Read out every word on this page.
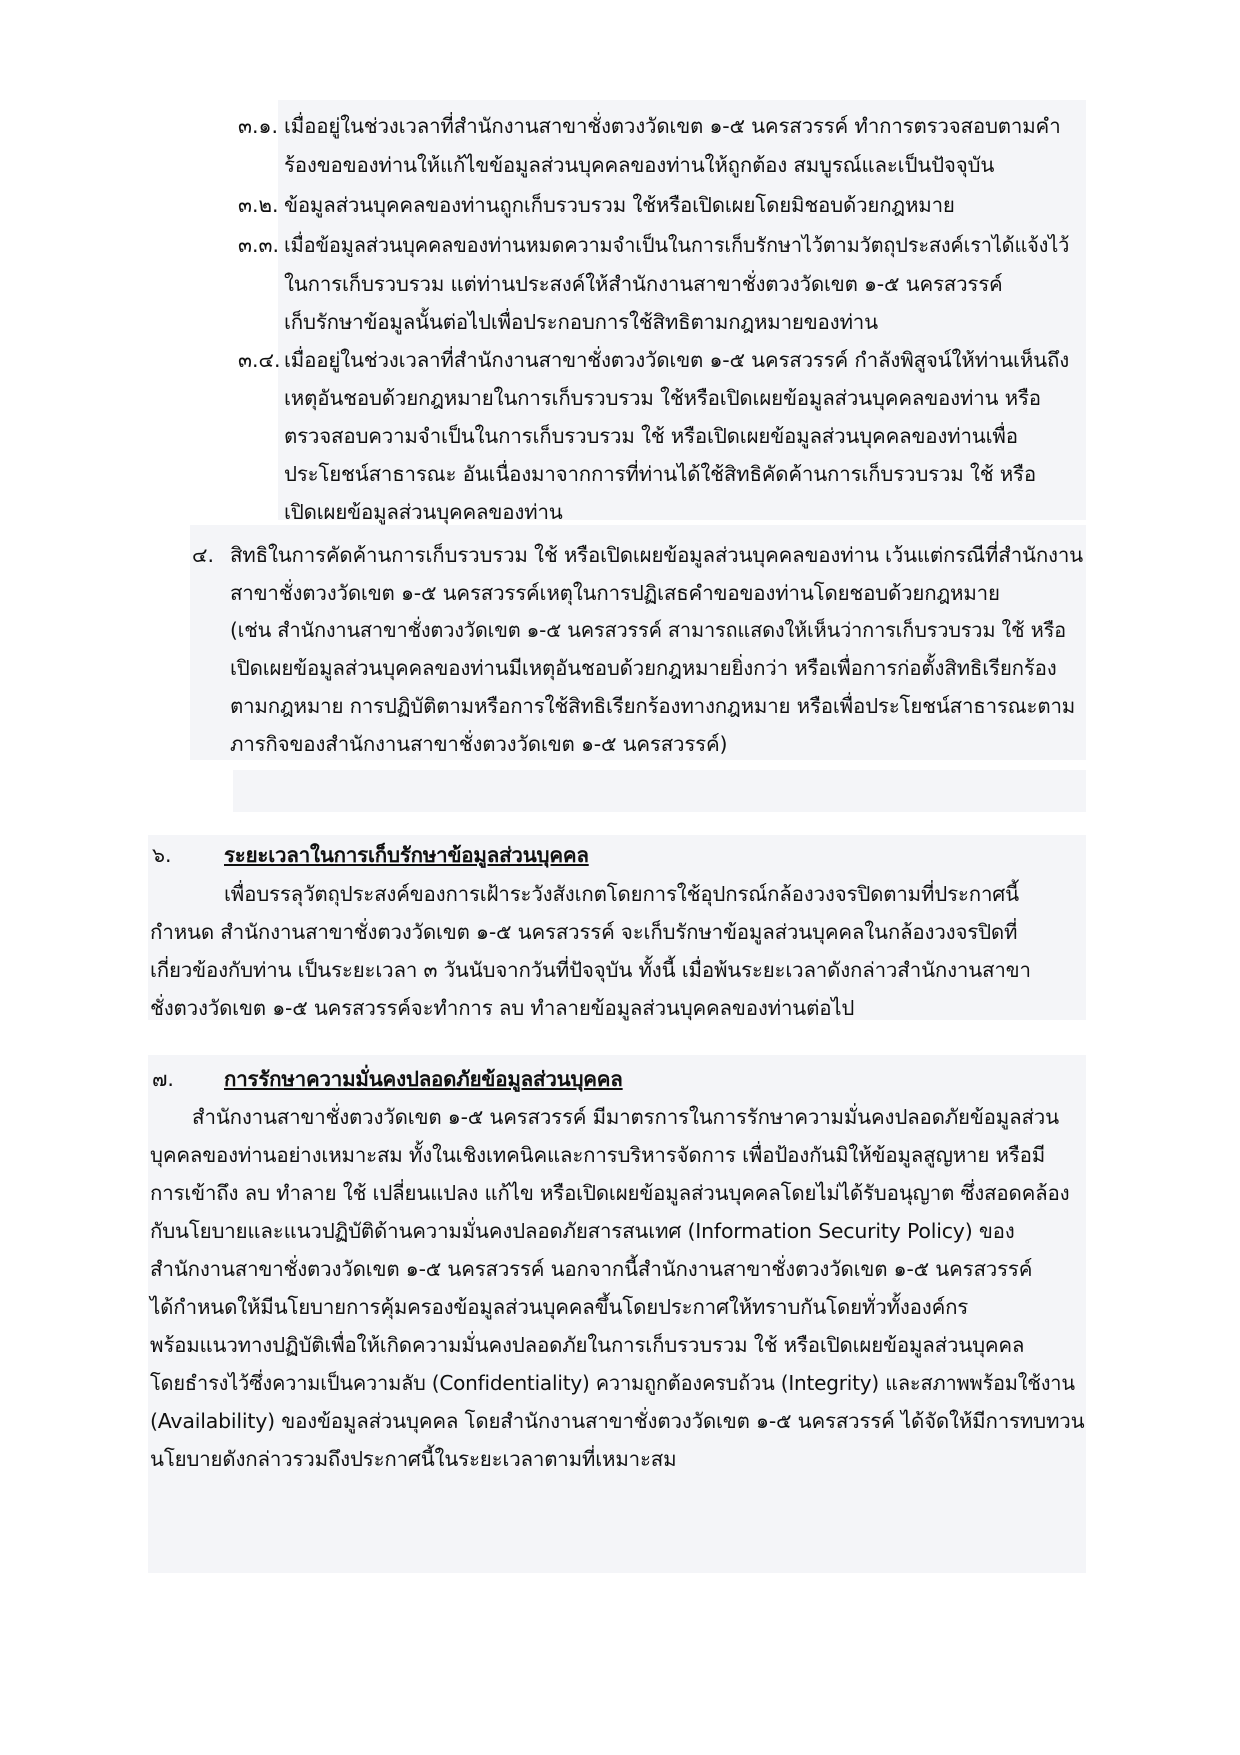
๓.๑. เมื่ออยู่ในช่วงเวลาที่สำนักงานสาขาชั่งตวงวัดเขต ๑-๕ นครสวรรค์ ทำการตรวจสอบตามคำ
ร้องขอของท่านให้แก้ไขข้อมูลส่วนบุคคลของท่านให้ถูกต้อง สมบูรณ์และเป็นปัจจุบัน
๓.๒. ข้อมูลส่วนบุคคลของท่านถูกเก็บรวบรวม ใช้หรือเปิดเผยโดยมิชอบด้วยกฎหมาย
๓.๓. เมื่อข้อมูลส่วนบุคคลของท่านหมดความจำเป็นในการเก็บรักษาไว้ตามวัตถุประสงค์เราได้แจ้งไว้
ในการเก็บรวบรวม แต่ท่านประสงค์ให้สำนักงานสาขาชั่งตวงวัดเขต ๑-๕ นครสวรรค์
เก็บรักษาข้อมูลนั้นต่อไปเพื่อประกอบการใช้สิทธิตามกฎหมายของท่าน
๓.๔. เมื่ออยู่ในช่วงเวลาที่สำนักงานสาขาชั่งตวงวัดเขต ๑-๕ นครสวรรค์ กำลังพิสูจน์ให้ท่านเห็นถึง
เหตุอันชอบด้วยกฎหมายในการเก็บรวบรวม ใช้หรือเปิดเผยข้อมูลส่วนบุคคลของท่าน หรือ
ตรวจสอบความจำเป็นในการเก็บรวบรวม ใช้ หรือเปิดเผยข้อมูลส่วนบุคคลของท่านเพื่อ
ประโยชน์สาธารณะ อันเนื่องมาจากการที่ท่านได้ใช้สิทธิคัดค้านการเก็บรวบรวม ใช้ หรือ
เปิดเผยข้อมูลส่วนบุคคลของท่าน
๔. สิทธิในการคัดค้านการเก็บรวบรวม ใช้ หรือเปิดเผยข้อมูลส่วนบุคคลของท่าน เว้นแต่กรณีที่สำนักงาน
สาขาชั่งตวงวัดเขต ๑-๕ นครสวรรค์เหตุในการปฏิเสธคำขอของท่านโดยชอบด้วยกฎหมาย
(เช่น สำนักงานสาขาชั่งตวงวัดเขต ๑-๕ นครสวรรค์ สามารถแสดงให้เห็นว่าการเก็บรวบรวม ใช้ หรือ
เปิดเผยข้อมูลส่วนบุคคลของท่านมีเหตุอันชอบด้วยกฎหมายยิ่งกว่า หรือเพื่อการก่อตั้งสิทธิเรียกร้อง
ตามกฎหมาย การปฏิบัติตามหรือการใช้สิทธิเรียกร้องทางกฎหมาย หรือเพื่อประโยชน์สาธารณะตาม
ภารกิจของสำนักงานสาขาชั่งตวงวัดเขต ๑-๕ นครสวรรค์)
๖.	ระยะเวลาในการเก็บรักษาข้อมูลส่วนบุคคล
เพื่อบรรลุวัตถุประสงค์ของการเฝ้าระวังสังเกตโดยการใช้อุปกรณ์กล้องวงจรปิดตามที่ประกาศนี้
กำหนด สำนักงานสาขาชั่งตวงวัดเขต ๑-๕ นครสวรรค์ จะเก็บรักษาข้อมูลส่วนบุคคลในกล้องวงจรปิดที่
เกี่ยวข้องกับท่าน เป็นระยะเวลา ๓ วันนับจากวันที่ปัจจุบัน ทั้งนี้ เมื่อพ้นระยะเวลาดังกล่าวสำนักงานสาขา
ชั่งตวงวัดเขต ๑-๕ นครสวรรค์จะทำการ ลบ ทำลายข้อมูลส่วนบุคคลของท่านต่อไป
๗. การรักษาความมั่นคงปลอดภัยข้อมูลส่วนบุคคล
สำนักงานสาขาชั่งตวงวัดเขต ๑-๕ นครสวรรค์ มีมาตรการในการรักษาความมั่นคงปลอดภัยข้อมูลส่วน
บุคคลของท่านอย่างเหมาะสม ทั้งในเชิงเทคนิคและการบริหารจัดการ เพื่อป้องกันมิให้ข้อมูลสูญหาย หรือมี
การเข้าถึง ลบ ทำลาย ใช้ เปลี่ยนแปลง แก้ไข หรือเปิดเผยข้อมูลส่วนบุคคลโดยไม่ได้รับอนุญาต ซึ่งสอดคล้อง
กับนโยบายและแนวปฏิบัติด้านความมั่นคงปลอดภัยสารสนเทศ (Information Security Policy) ของ
สำนักงานสาขาชั่งตวงวัดเขต ๑-๕ นครสวรรค์ นอกจากนี้สำนักงานสาขาชั่งตวงวัดเขต ๑-๕ นครสวรรค์
ได้กำหนดให้มีนโยบายการคุ้มครองข้อมูลส่วนบุคคลขึ้นโดยประกาศให้ทราบกันโดยทั่วทั้งองค์กร
พร้อมแนวทางปฏิบัติเพื่อให้เกิดความมั่นคงปลอดภัยในการเก็บรวบรวม ใช้ หรือเปิดเผยข้อมูลส่วนบุคคล
โดยธำรงไว้ซึ่งความเป็นความลับ (Confidentiality) ความถูกต้องครบถ้วน (Integrity) และสภาพพร้อมใช้งาน
(Availability) ของข้อมูลส่วนบุคคล โดยสำนักงานสาขาชั่งตวงวัดเขต ๑-๕ นครสวรรค์ ได้จัดให้มีการทบทวน
นโยบายดังกล่าวรวมถึงประกาศนี้ในระยะเวลาตามที่เหมาะสม
